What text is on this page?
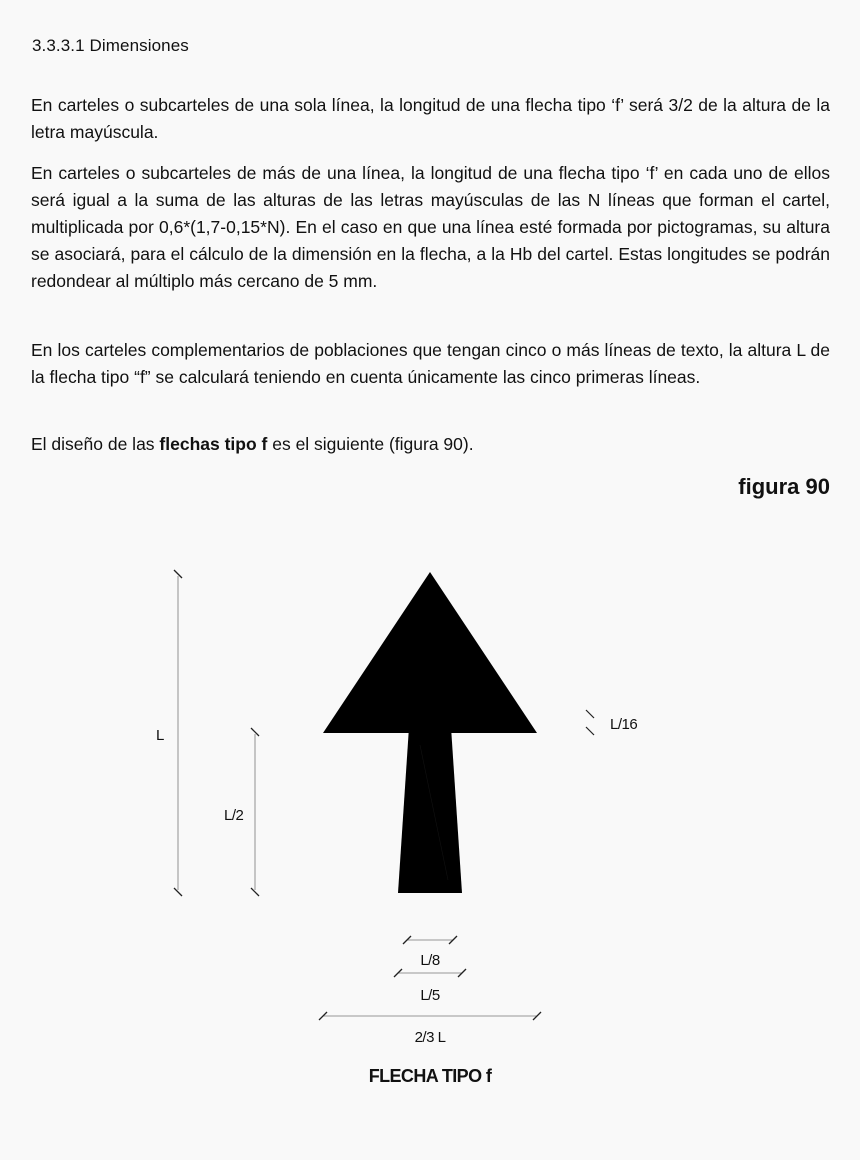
3.3.3.1 Dimensiones

En carteles o subcarteles de una sola línea, la longitud de una flecha tipo ‘f’ será 3/2 de la altura de la letra mayúscula.

En carteles o subcarteles de más de una línea, la longitud de una flecha tipo ‘f’ en cada uno de ellos será igual a la suma de las alturas de las letras mayúsculas de las N líneas que forman el cartel, multiplicada por 0,6*(1,7-0,15*N). En el caso en que una línea esté formada por pictogramas, su altura se asociará, para el cálculo de la dimensión en la flecha, a la Hb del cartel. Estas longitudes se podrán redondear al múltiplo más cercano de 5 mm.

En los carteles complementarios de poblaciones que tengan cinco o más líneas de texto, la altura L de la flecha tipo “f” se calculará teniendo en cuenta únicamente las cinco primeras líneas.

El diseño de las flechas tipo f es el siguiente (figura 90).

figura 90
L
L/2
L/16
L/8
L/5
2/3 L
FLECHA TIPO f
